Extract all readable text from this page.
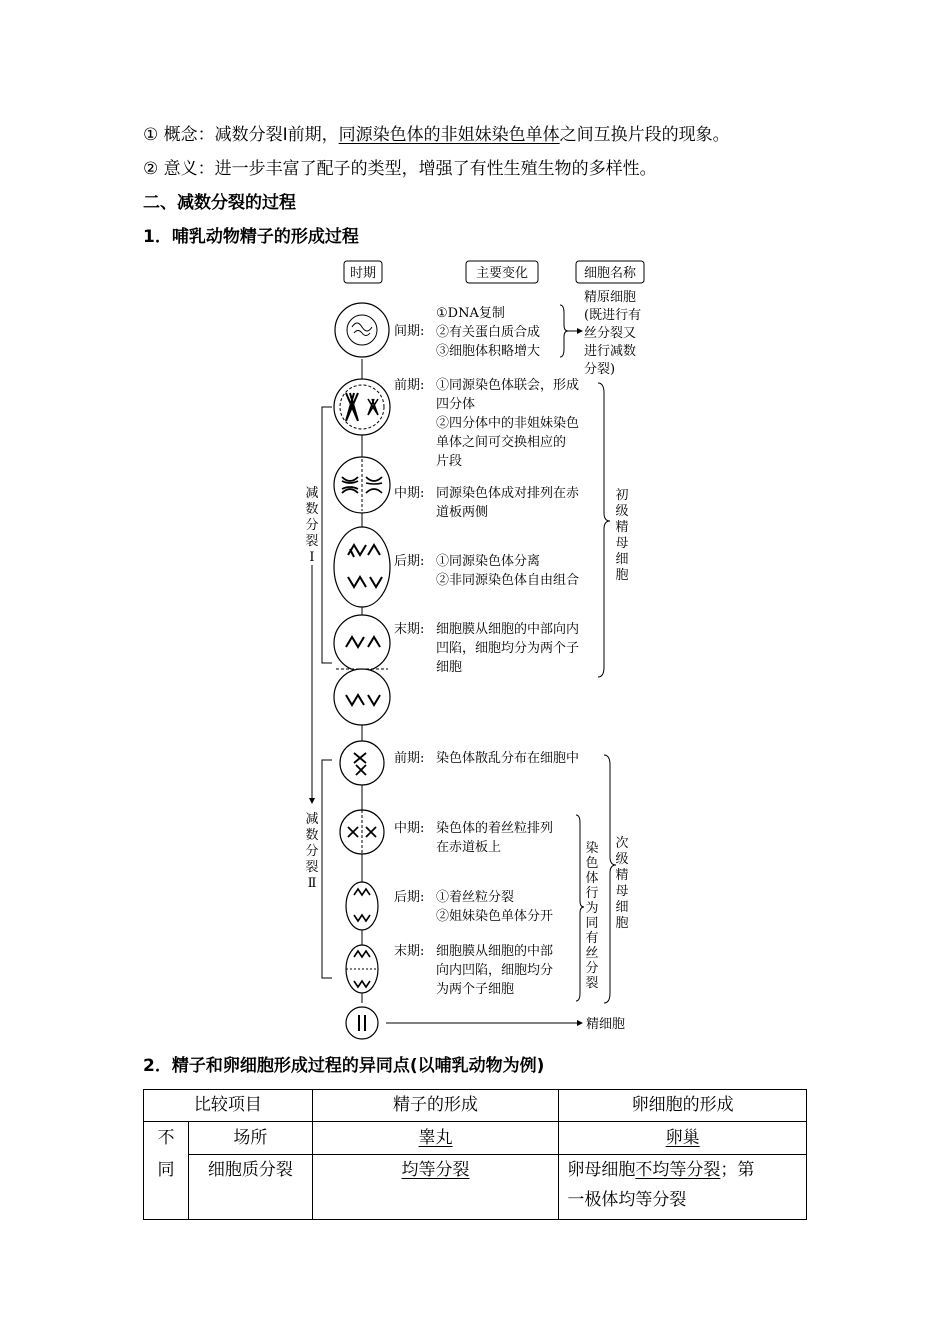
① 概念：减数分裂Ⅰ前期，同源染色体的非姐妹染色单体之间互换片段的现象。
② 意义：进一步丰富了配子的类型，增强了有性生殖生物的多样性。
二、减数分裂的过程
1．哺乳动物精子的形成过程
时期	主要变化	细胞名称
间期:
①DNA复制
②有关蛋白质合成
③细胞体积略增大
精原细胞
(既进行有
丝分裂又
进行减数
分裂)
减
数
分
裂
Ⅰ
前期: ①同源染色体联会，形成
四分体
②四分体中的非姐妹染色
单体之间可交换相应的
片段
中期: 同源染色体成对排列在赤
道板两侧
后期: ①同源染色体分离
②非同源染色体自由组合
末期: 细胞膜从细胞的中部向内
凹陷，细胞均分为两个子
细胞
初
级
精
母
细
胞
减
数
分
裂
Ⅱ
前期: 染色体散乱分布在细胞中
中期: 染色体的着丝粒排列
在赤道板上
后期: ①着丝粒分裂
②姐妹染色单体分开
末期: 细胞膜从细胞的中部
向内凹陷，细胞均分
为两个子细胞
染
色
体
行
为
同
有
丝
分
裂
次
级
精
母
细
胞
精细胞
2．精子和卵细胞形成过程的异同点(以哺乳动物为例)
比较项目		精子的形成	卵细胞的形成
不	场所	睾丸	卵巢
同	细胞质分裂	均等分裂	卵母细胞不均等分裂；第
一极体均等分裂
